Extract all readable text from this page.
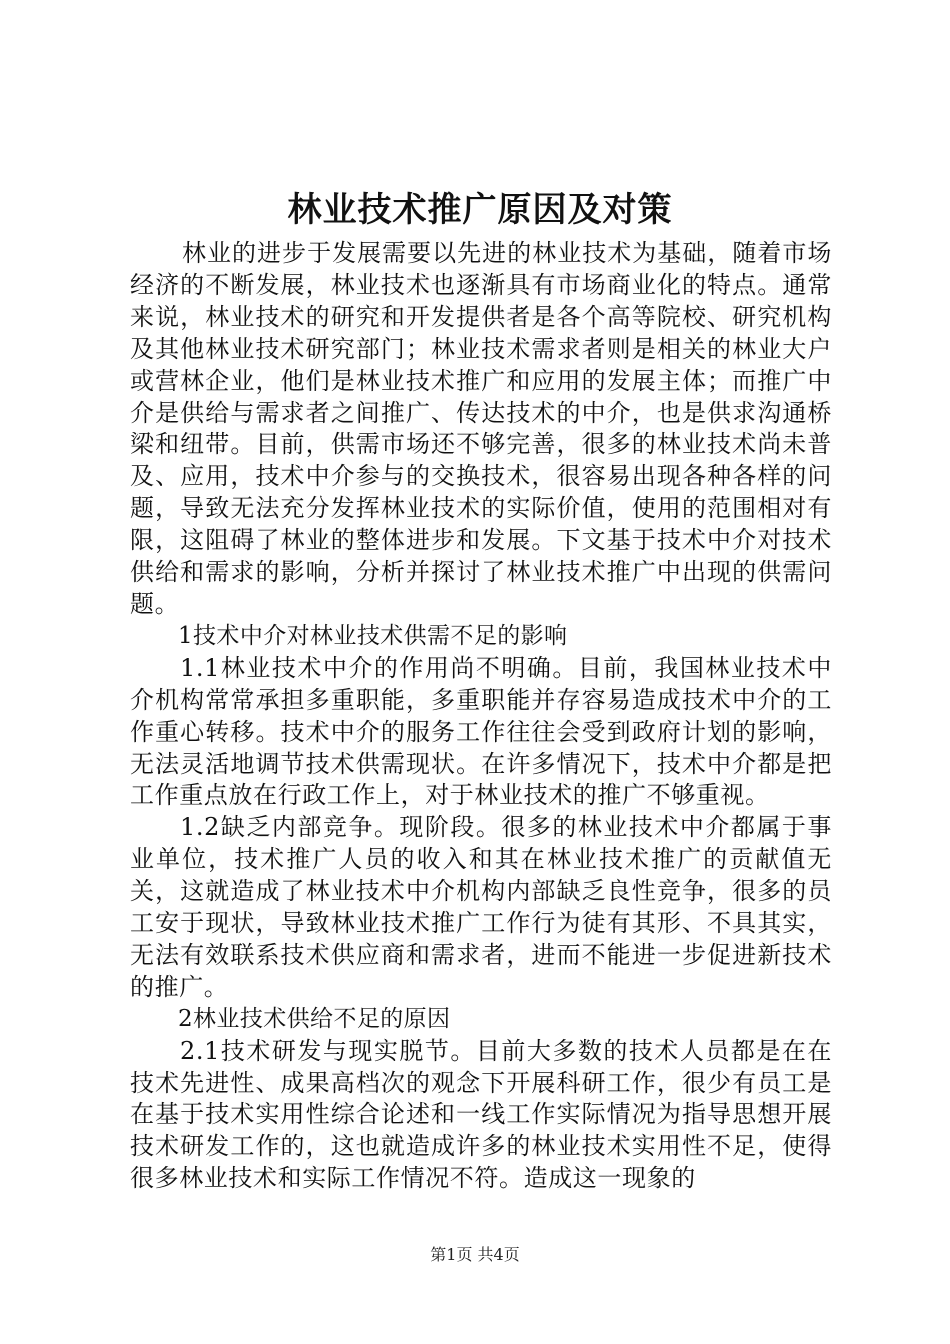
林业技术推广原因及对策

林业的进步于发展需要以先进的林业技术为基础，随着市场经济的不断发展，林业技术也逐渐具有市场商业化的特点。通常来说，林业技术的研究和开发提供者是各个高等院校、研究机构及其他林业技术研究部门；林业技术需求者则是相关的林业大户或营林企业，他们是林业技术推广和应用的发展主体；而推广中介是供给与需求者之间推广、传达技术的中介，也是供求沟通桥梁和纽带。目前，供需市场还不够完善，很多的林业技术尚未普及、应用，技术中介参与的交换技术，很容易出现各种各样的问题，导致无法充分发挥林业技术的实际价值，使用的范围相对有限，这阻碍了林业的整体进步和发展。下文基于技术中介对技术供给和需求的影响，分析并探讨了林业技术推广中出现的供需问题。

1技术中介对林业技术供需不足的影响

1.1林业技术中介的作用尚不明确。目前，我国林业技术中介机构常常承担多重职能，多重职能并存容易造成技术中介的工作重心转移。技术中介的服务工作往往会受到政府计划的影响，无法灵活地调节技术供需现状。在许多情况下，技术中介都是把工作重点放在行政工作上，对于林业技术的推广不够重视。

1.2缺乏内部竞争。现阶段。很多的林业技术中介都属于事业单位，技术推广人员的收入和其在林业技术推广的贡献值无关，这就造成了林业技术中介机构内部缺乏良性竞争，很多的员工安于现状，导致林业技术推广工作行为徒有其形、不具其实，无法有效联系技术供应商和需求者，进而不能进一步促进新技术的推广。

2林业技术供给不足的原因

2.1技术研发与现实脱节。目前大多数的技术人员都是在在技术先进性、成果高档次的观念下开展科研工作，很少有员工是在基于技术实用性综合论述和一线工作实际情况为指导思想开展技术研发工作的，这也就造成许多的林业技术实用性不足，使得很多林业技术和实际工作情况不符。造成这一现象的

第1页 共4页
